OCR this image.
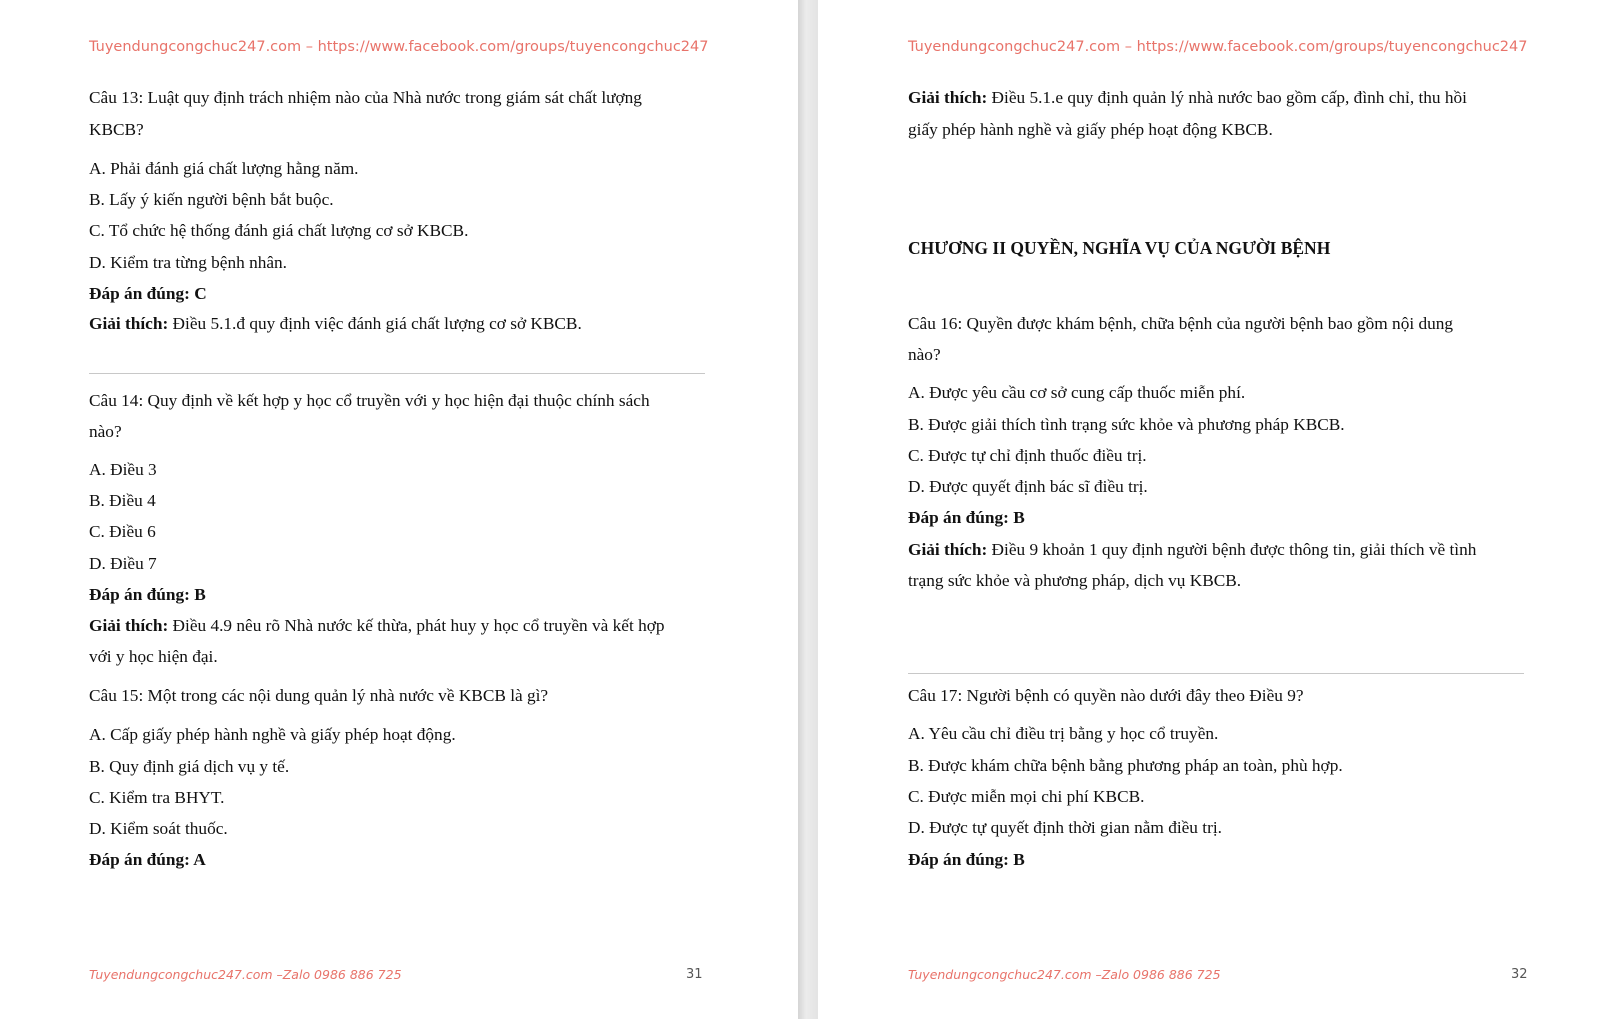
Tuyendungcongchuc247.com – https://www.facebook.com/groups/tuyencongchuc247
Câu 13: Luật quy định trách nhiệm nào của Nhà nước trong giám sát chất lượng
KBCB?
A. Phải đánh giá chất lượng hằng năm.
B. Lấy ý kiến người bệnh bắt buộc.
C. Tổ chức hệ thống đánh giá chất lượng cơ sở KBCB.
D. Kiểm tra từng bệnh nhân.
Đáp án đúng: C
Giải thích: Điều 5.1.đ quy định việc đánh giá chất lượng cơ sở KBCB.
Câu 14: Quy định về kết hợp y học cổ truyền với y học hiện đại thuộc chính sách
nào?
A. Điều 3
B. Điều 4
C. Điều 6
D. Điều 7
Đáp án đúng: B
Giải thích: Điều 4.9 nêu rõ Nhà nước kế thừa, phát huy y học cổ truyền và kết hợp
với y học hiện đại.
Câu 15: Một trong các nội dung quản lý nhà nước về KBCB là gì?
A. Cấp giấy phép hành nghề và giấy phép hoạt động.
B. Quy định giá dịch vụ y tế.
C. Kiểm tra BHYT.
D. Kiểm soát thuốc.
Đáp án đúng: A
Tuyendungcongchuc247.com –Zalo 0986 886 725	31
Tuyendungcongchuc247.com – https://www.facebook.com/groups/tuyencongchuc247
Giải thích: Điều 5.1.e quy định quản lý nhà nước bao gồm cấp, đình chỉ, thu hồi
giấy phép hành nghề và giấy phép hoạt động KBCB.
CHƯƠNG II QUYỀN, NGHĨA VỤ CỦA NGƯỜI BỆNH
Câu 16: Quyền được khám bệnh, chữa bệnh của người bệnh bao gồm nội dung
nào?
A. Được yêu cầu cơ sở cung cấp thuốc miễn phí.
B. Được giải thích tình trạng sức khỏe và phương pháp KBCB.
C. Được tự chỉ định thuốc điều trị.
D. Được quyết định bác sĩ điều trị.
Đáp án đúng: B
Giải thích: Điều 9 khoản 1 quy định người bệnh được thông tin, giải thích về tình
trạng sức khỏe và phương pháp, dịch vụ KBCB.
Câu 17: Người bệnh có quyền nào dưới đây theo Điều 9?
A. Yêu cầu chỉ điều trị bằng y học cổ truyền.
B. Được khám chữa bệnh bằng phương pháp an toàn, phù hợp.
C. Được miễn mọi chi phí KBCB.
D. Được tự quyết định thời gian nằm điều trị.
Đáp án đúng: B
Tuyendungcongchuc247.com –Zalo 0986 886 725	32
